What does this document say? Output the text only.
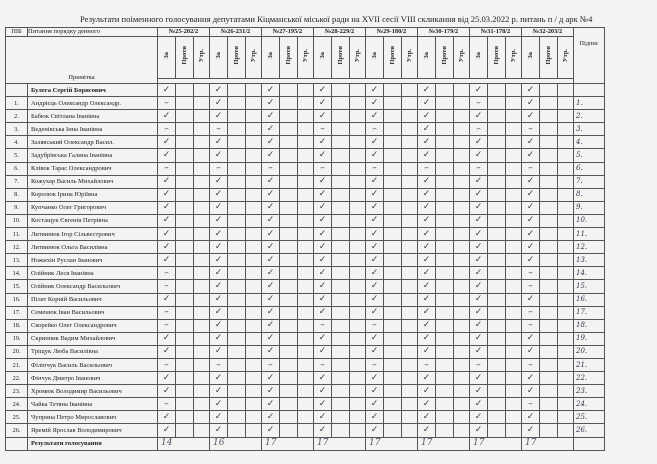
Результати поіменного голосування депутатами Кіцманської міської ради на XVII сесії VIII скликання від 25.03.2022 р. питань п / д арк №4
ПІБ	Питання порядку денного	№25-202/2			№26-231/2			№27-195/2			№28-229/2			№29-180/2			№30-179/2			№31-178/2			№32-203/2			Підпис
Примітка		За	Проти	Утр.	За	Проти	Утр.	За	Проти	Утр.	За	Проти	Утр.	За	Проти	Утр.	За	Проти	Утр.	За	Проти	Утр.	За	Проти	Утр.	

	Булега Сергій Борисович	✓			✓			✓			✓			✓			✓			✓			✓			
1.	Андрієць Олександр Олександр.	–			✓			✓			✓			✓			✓			–			✓			1.
2.	Бабюк Світлана Іванівна	✓			✓			✓			✓			✓			✓			✓			✓			2.
3.	Веденівська Інна Іванівна	–			–			✓			–			–			✓			–			–			3.
4.	Залявський Олександр Васил.	✓			✓			✓			✓			✓			✓			✓			✓			4.
5.	Задубрівська Галина Іванівна	✓			✓			✓			✓			✓			✓			✓			✓			5.
6.	Клівок Тарас Олександрович	–			–			–			–			–			–			–			–			6.
7.	Кожухар Василь Михайлович	✓			✓			✓			✓			✓			✓			✓			✓			7.
8.	Королюк Ірина Юріївна	✓			✓			✓			✓			✓			✓			✓			✓			8.
9.	Купчанко Олег Григорович	✓			✓			✓			✓			✓			✓			✓			✓			9.
10.	Костащук Євгенія Петрівна	✓			✓			✓			✓			✓			✓			✓			✓			10.
11.	Литвинюк Ігор Сільвестрович	✓			✓			✓			✓			✓			✓			✓			✓			11.
12.	Литвинюк Ольга Василівна	✓			✓			✓			✓			✓			✓			✓			✓			12.
13.	Ножихін Руслан Іванович	✓			✓			✓			✓			✓			✓			✓			✓			13.
14.	Олійник Леся Іванівна	–			✓			✓			✓			✓			✓			✓			–			14.
15.	Олійник Олександр Васильович	–			✓			✓			✓			✓			✓			✓			–			15.
16.	Пілат Корній Васильович	✓			✓			✓			✓			✓			✓			✓			✓			16.
17.	Семенюк Іван Васильович	–			✓			✓			✓			✓			✓			✓			–			17.
18.	Скорейко Олег Олександрович	–			✓			✓			–			–			✓			✓			–			18.
19.	Скрипник Вадим Михайлович	✓			✓			✓			✓			✓			✓			✓			✓			19.
20.	Тріщук Люба Василівна	✓			✓			✓			✓			✓			✓			✓			✓			20.
21.	Філіпчук Василь Васильович	–			–			–			–			–			–			–			–			21.
22.	Фінчук Дмитро Іванович	✓			✓			✓			✓			✓			✓			✓			✓			22.
23.	Хромюк Володимир Васильович	✓			✓			✓			✓			✓			✓			✓			✓			23.
24.	Чайка Тетяна Іванівна	–			✓			✓			✓			✓			✓			✓			–			24.
25.	Чуприна Петро Мирославович	✓			✓			✓			✓			✓			✓			✓			✓			25.
26.	Яремій Ярослав Володимирович	✓			✓			✓			✓			✓			✓			✓			✓			26.
	Результати голосування	14			16			17			17			17			17			17			17			
